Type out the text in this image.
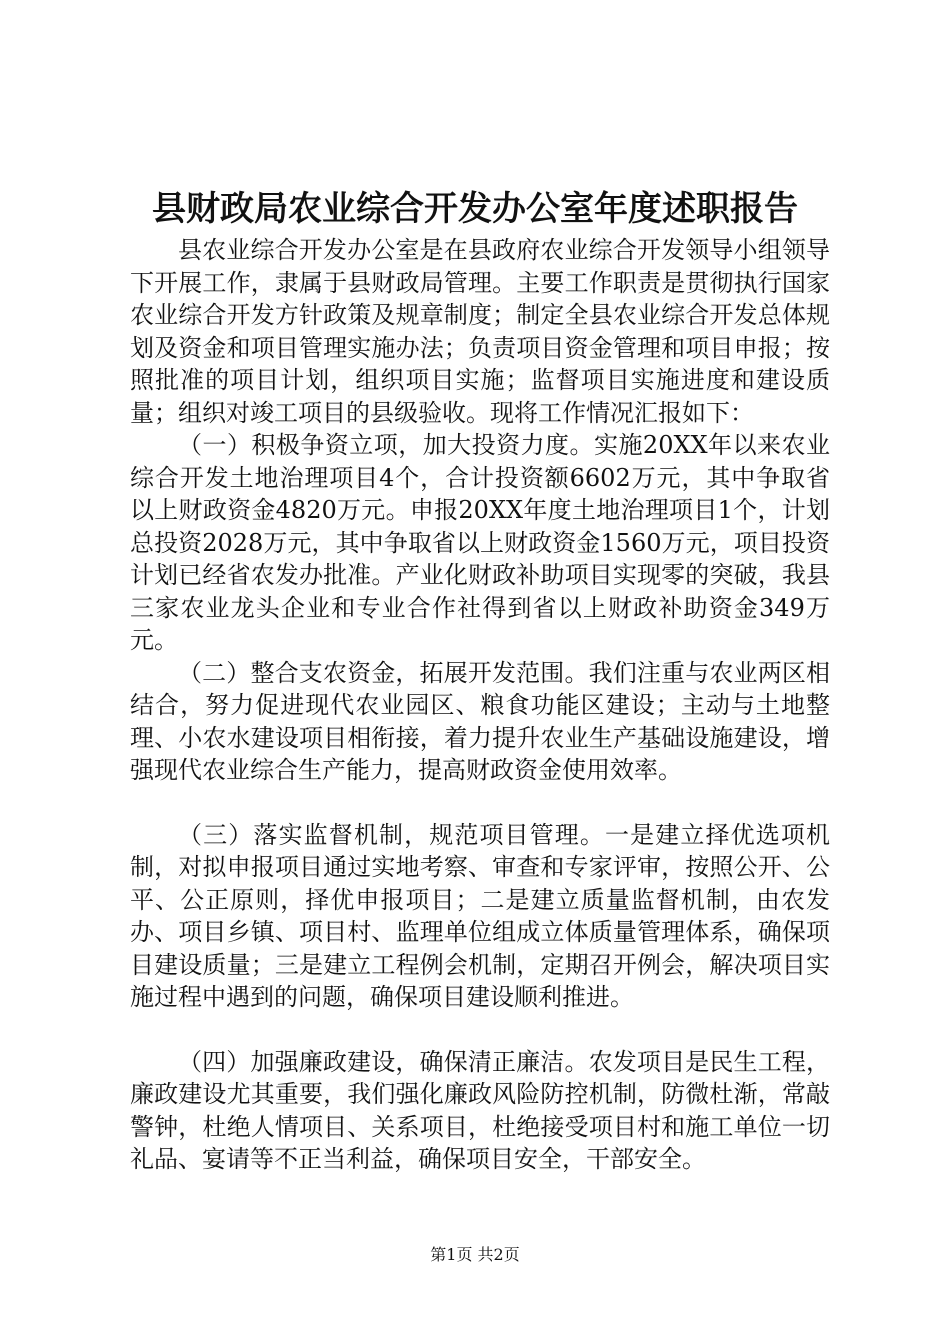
县财政局农业综合开发办公室年度述职报告

县农业综合开发办公室是在县政府农业综合开发领导小组领导下开展工作，隶属于县财政局管理。主要工作职责是贯彻执行国家农业综合开发方针政策及规章制度；制定全县农业综合开发总体规划及资金和项目管理实施办法；负责项目资金管理和项目申报；按照批准的项目计划，组织项目实施；监督项目实施进度和建设质量；组织对竣工项目的县级验收。现将工作情况汇报如下：

（一）积极争资立项，加大投资力度。实施20XX年以来农业综合开发土地治理项目4个，合计投资额6602万元，其中争取省以上财政资金4820万元。申报20XX年度土地治理项目1个，计划总投资2028万元，其中争取省以上财政资金1560万元，项目投资计划已经省农发办批准。产业化财政补助项目实现零的突破，我县三家农业龙头企业和专业合作社得到省以上财政补助资金349万元。

（二）整合支农资金，拓展开发范围。我们注重与农业两区相结合，努力促进现代农业园区、粮食功能区建设；主动与土地整理、小农水建设项目相衔接，着力提升农业生产基础设施建设，增强现代农业综合生产能力，提高财政资金使用效率。

（三）落实监督机制，规范项目管理。一是建立择优选项机制，对拟申报项目通过实地考察、审查和专家评审，按照公开、公平、公正原则，择优申报项目；二是建立质量监督机制，由农发办、项目乡镇、项目村、监理单位组成立体质量管理体系，确保项目建设质量；三是建立工程例会机制，定期召开例会，解决项目实施过程中遇到的问题，确保项目建设顺利推进。

（四）加强廉政建设，确保清正廉洁。农发项目是民生工程，廉政建设尤其重要，我们强化廉政风险防控机制，防微杜渐，常敲警钟，杜绝人情项目、关系项目，杜绝接受项目村和施工单位一切礼品、宴请等不正当利益，确保项目安全，干部安全。

第1页 共2页
